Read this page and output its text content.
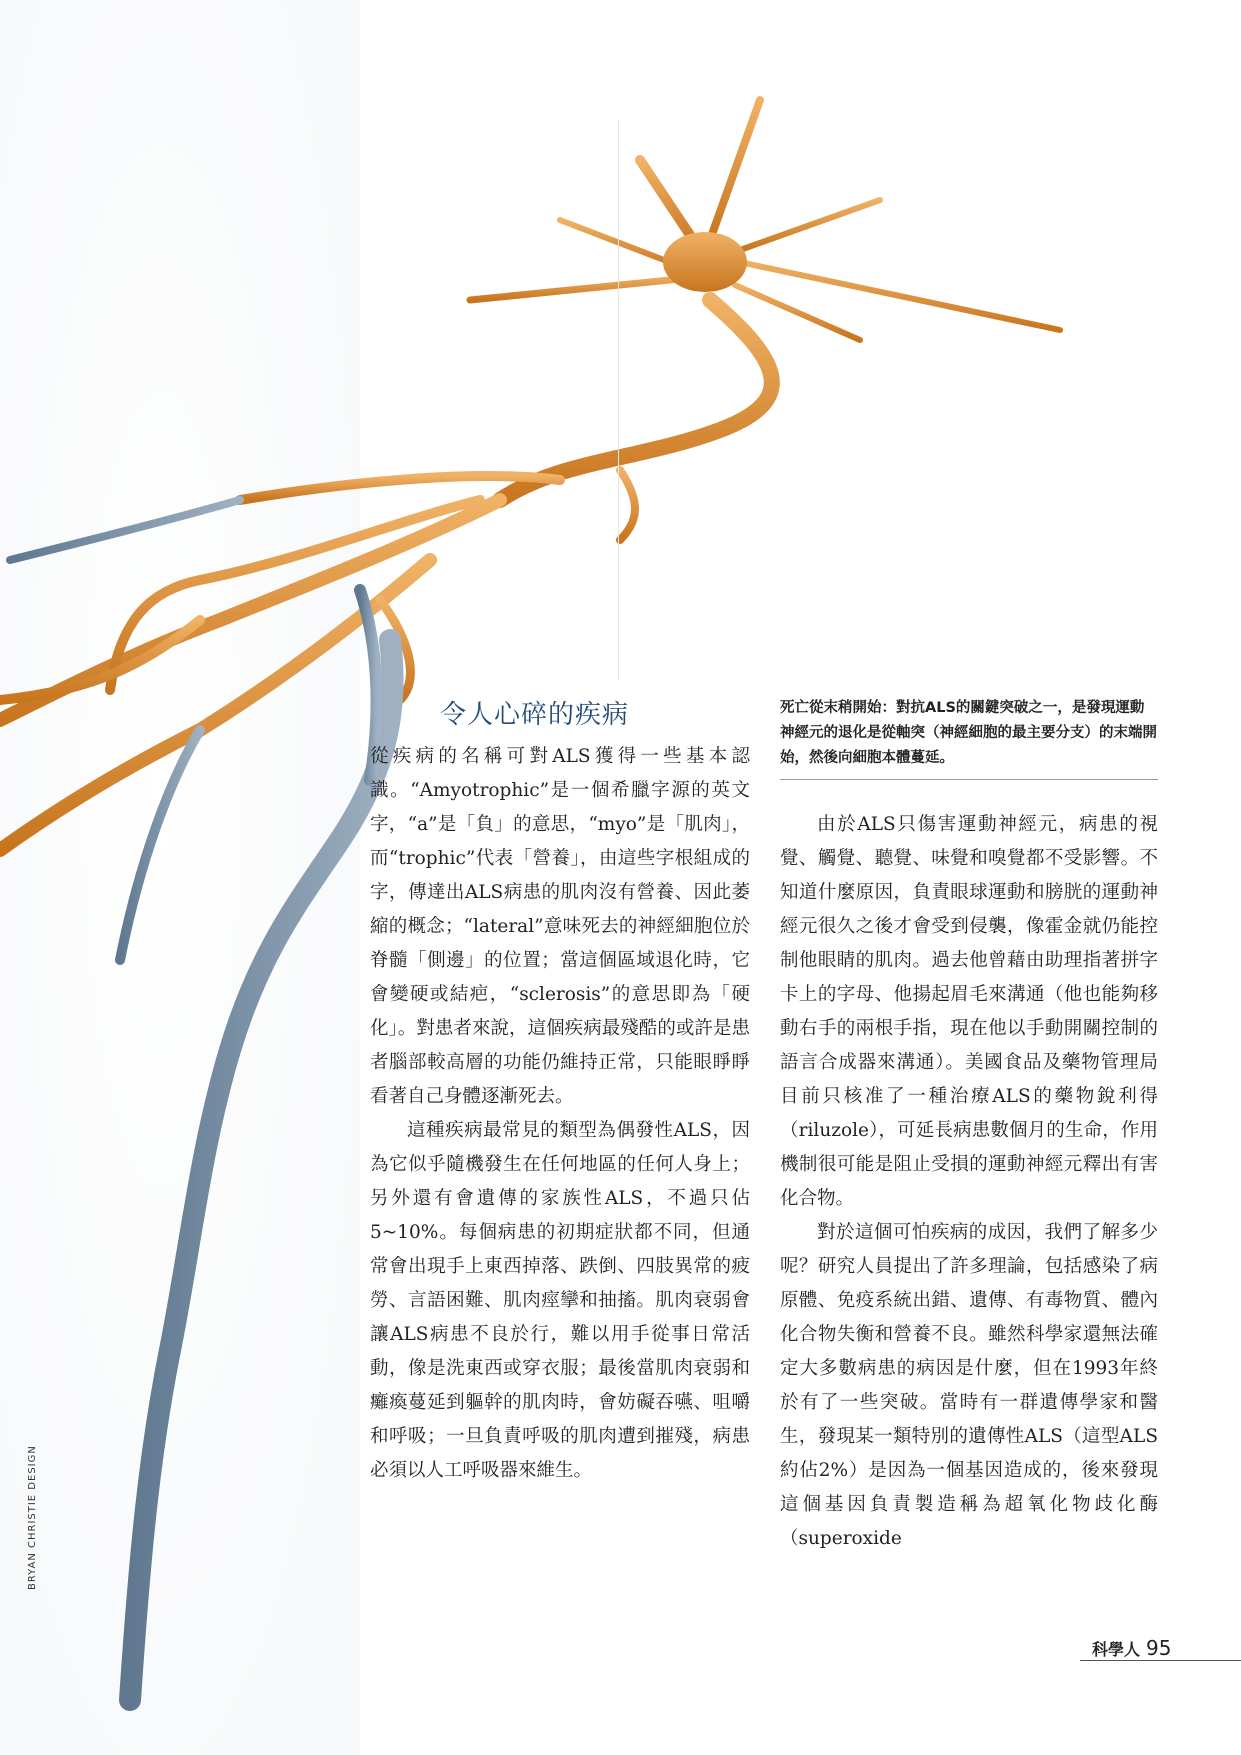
令人心碎的疾病

從疾病的名稱可對ALS獲得一些基本認識。“Amyotrophic”是一個希臘字源的英文字，“a”是「負」的意思，“myo”是「肌肉」，而“trophic”代表「營養」，由這些字根組成的字，傳達出ALS病患的肌肉沒有營養、因此萎縮的概念；“lateral”意味死去的神經細胞位於脊髓「側邊」的位置；當這個區域退化時，它會變硬或結疤，“sclerosis”的意思即為「硬化」。對患者來說，這個疾病最殘酷的或許是患者腦部較高層的功能仍維持正常，只能眼睜睜看著自己身體逐漸死去。

這種疾病最常見的類型為偶發性ALS，因為它似乎隨機發生在任何地區的任何人身上；另外還有會遺傳的家族性ALS，不過只佔5~10%。每個病患的初期症狀都不同，但通常會出現手上東西掉落、跌倒、四肢異常的疲勞、言語困難、肌肉痙攣和抽搐。肌肉衰弱會讓ALS病患不良於行，難以用手從事日常活動，像是洗東西或穿衣服；最後當肌肉衰弱和癱瘓蔓延到軀幹的肌肉時，會妨礙吞嚥、咀嚼和呼吸；一旦負責呼吸的肌肉遭到摧殘，病患必須以人工呼吸器來維生。

死亡從末稍開始：對抗ALS的關鍵突破之一，是發現運動神經元的退化是從軸突（神經細胞的最主要分支）的末端開始，然後向細胞本體蔓延。

由於ALS只傷害運動神經元，病患的視覺、觸覺、聽覺、味覺和嗅覺都不受影響。不知道什麼原因，負責眼球運動和膀胱的運動神經元很久之後才會受到侵襲，像霍金就仍能控制他眼睛的肌肉。過去他曾藉由助理指著拼字卡上的字母、他揚起眉毛來溝通（他也能夠移動右手的兩根手指，現在他以手動開關控制的語言合成器來溝通）。美國食品及藥物管理局目前只核准了一種治療ALS的藥物銳利得（riluzole），可延長病患數個月的生命，作用機制很可能是阻止受損的運動神經元釋出有害化合物。

對於這個可怕疾病的成因，我們了解多少呢？研究人員提出了許多理論，包括感染了病原體、免疫系統出錯、遺傳、有毒物質、體內化合物失衡和營養不良。雖然科學家還無法確定大多數病患的病因是什麼，但在1993年終於有了一些突破。當時有一群遺傳學家和醫生，發現某一類特別的遺傳性ALS（這型ALS約佔2%）是因為一個基因造成的，後來發現這個基因負責製造稱為超氧化物歧化酶（superoxide

BRYAN CHRISTIE DESIGN
科學人 95
